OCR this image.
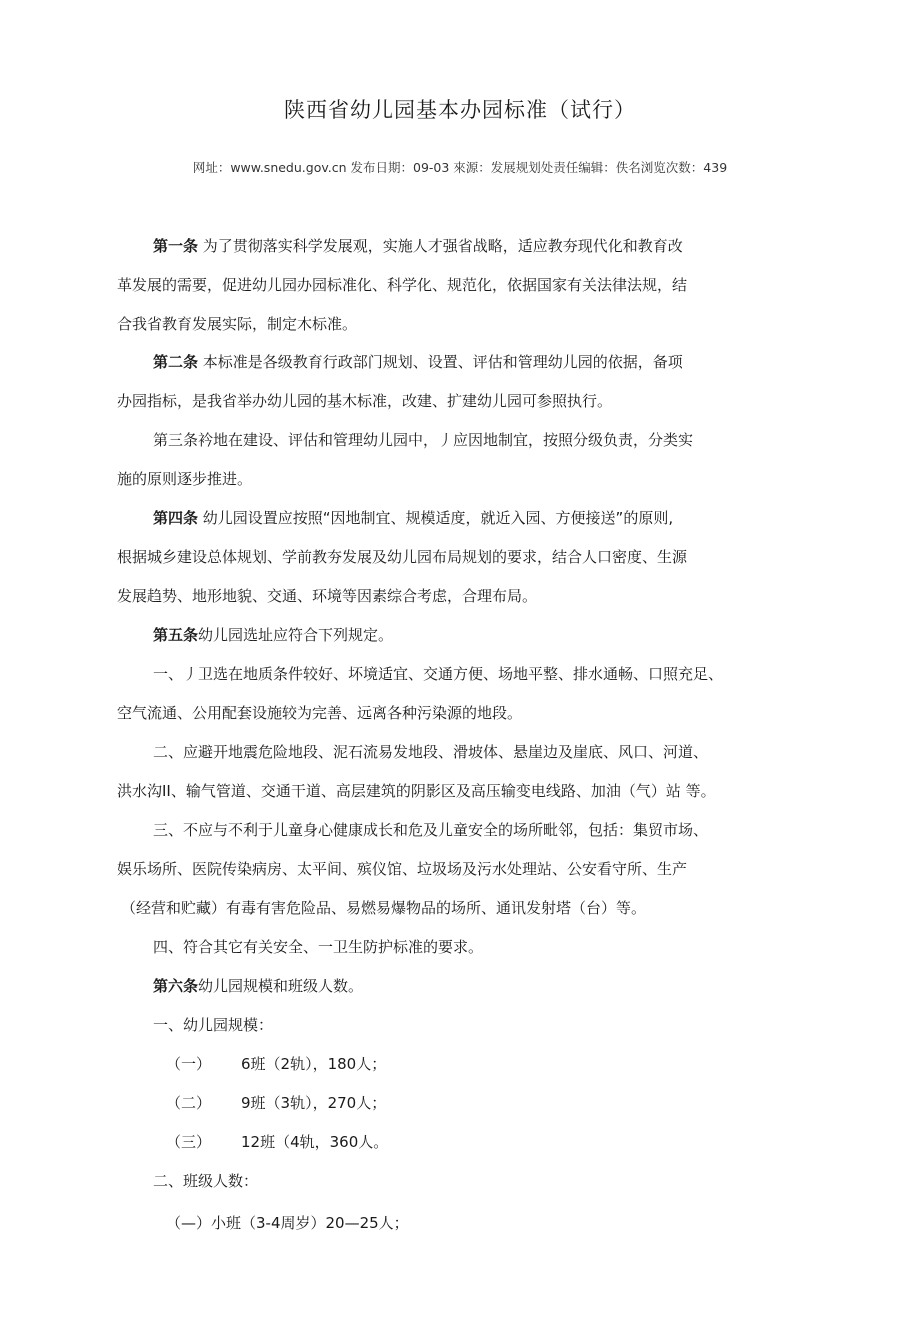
陕西省幼儿园基本办园标准（试行）
网址：www.snedu.gov.cn 发布日期：09-03 來源：发展规划处责任编辑：佚名浏览次数：439
第一条 为了贯彻落实科学发展观，实施人才强省战略，适应教夯现代化和教育改
革发展的需要，促进幼儿园办园标准化、科学化、规范化，依据国家有关法律法规，结
合我省教育发展实际，制定木标准。
第二条 本标准是各级教育行政部门规划、设置、评估和管理幼儿园的依据，备项
办园指标，是我省举办幼儿园的基木标准，改建、扩建幼儿园可参照执行。
第三条衿地在建设、评估和管理幼儿园中，丿应因地制宜，按照分级负责，分类实
施的原则逐步推进。
第四条 幼儿园设置应按照“因地制宜、规模适度，就近入园、方便接送”的原则,
根据城乡建设总体规划、学前教夯发展及幼儿园布局规划的要求，结合人口密度、生源
发展趋势、地形地貌、交通、环境等因素综合考虑，合理布局。
第五条幼儿园选址应符合下列规定。
一、丿卫选在地质条件较好、坏境适宜、交通方便、场地平整、排水通畅、口照充足、
空气流通、公用配套设施较为完善、远离各种污染源的地段。
二、应避开地震危险地段、泥石流易发地段、滑坡体、悬崖边及崖底、风口、河道、
洪水沟II、输气管道、交通干道、高层建筑的阴影区及高压输变电线路、加油（气）站 等。
三、不应与不利于儿童身心健康成长和危及儿童安全的场所毗邻，包括：集贸市场、
娱乐场所、医院传染病房、太平间、殡仪馆、垃圾场及污水处理站、公安看守所、生产
（经营和贮藏）有毒有害危险品、易燃易爆物品的场所、通讯发射塔（台）等。
四、符合其它有关安全、一卫生防护标准的要求。
第六条幼儿园规模和班级人数。
一、幼儿园规模：
（一） 6班（2轨），180人；
（二） 9班（3轨），270人；
（三） 12班（4轨，360人。
二、班级人数：
（—）小班（3-4周岁）20—25人；
